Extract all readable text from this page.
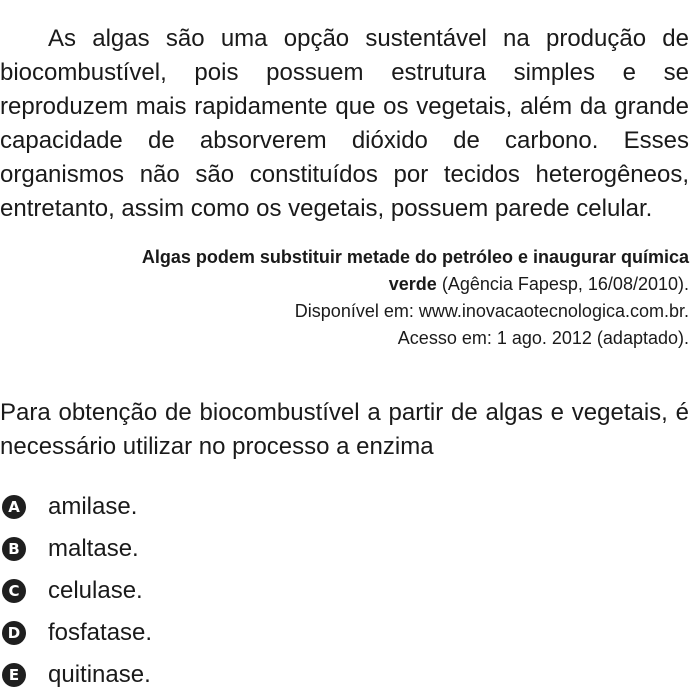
As algas são uma opção sustentável na produção de biocombustível, pois possuem estrutura simples e se reproduzem mais rapidamente que os vegetais, além da grande capacidade de absorverem dióxido de carbono. Esses organismos não são constituídos por tecidos heterogêneos, entretanto, assim como os vegetais, possuem parede celular.

Algas podem substituir metade do petróleo e inaugurar química verde (Agência Fapesp, 16/08/2010).
Disponível em: www.inovacaotecnologica.com.br.
Acesso em: 1 ago. 2012 (adaptado).

Para obtenção de biocombustível a partir de algas e vegetais, é necessário utilizar no processo a enzima

A amilase.
B maltase.
C celulase.
D fosfatase.
E quitinase.
